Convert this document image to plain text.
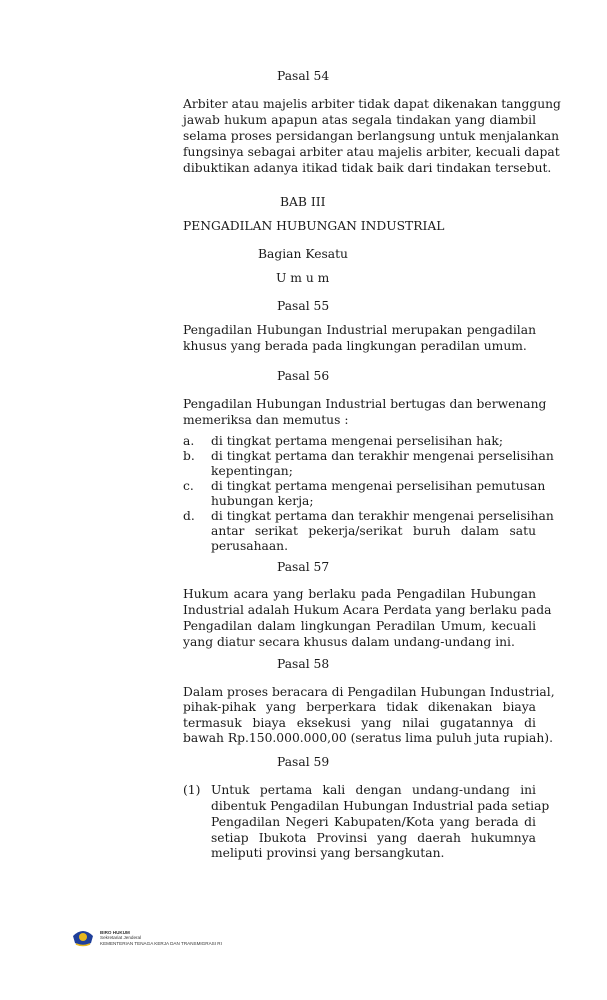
Pasal 54
Arbiter atau majelis arbiter tidak dapat dikenakan tanggung
jawab hukum apapun atas segala tindakan yang diambil
selama proses persidangan berlangsung untuk menjalankan
fungsinya sebagai arbiter atau majelis arbiter, kecuali dapat
dibuktikan adanya itikad tidak baik dari tindakan tersebut.
BAB III
PENGADILAN HUBUNGAN INDUSTRIAL
Bagian Kesatu
U m u m
Pasal 55
Pengadilan Hubungan Industrial merupakan pengadilan
khusus yang berada pada lingkungan peradilan umum.
Pasal 56
Pengadilan Hubungan Industrial bertugas dan berwenang
memeriksa dan memutus :
a. di tingkat pertama mengenai perselisihan hak;
b. di tingkat pertama dan terakhir mengenai perselisihan
kepentingan;
c. di tingkat pertama mengenai perselisihan pemutusan
hubungan kerja;
d. di tingkat pertama dan terakhir mengenai perselisihan
antar serikat pekerja/serikat buruh dalam satu
perusahaan.
Pasal 57
Hukum acara yang berlaku pada Pengadilan Hubungan
Industrial adalah Hukum Acara Perdata yang berlaku pada
Pengadilan dalam lingkungan Peradilan Umum, kecuali
yang diatur secara khusus dalam undang-undang ini.
Pasal 58
Dalam proses beracara di Pengadilan Hubungan Industrial,
pihak-pihak yang berperkara tidak dikenakan biaya
termasuk biaya eksekusi yang nilai gugatannya di
bawah Rp.150.000.000,00 (seratus lima puluh juta rupiah).
Pasal 59
(1) Untuk pertama kali dengan undang-undang ini
dibentuk Pengadilan Hubungan Industrial pada setiap
Pengadilan Negeri Kabupaten/Kota yang berada di
setiap Ibukota Provinsi yang daerah hukumnya
meliputi provinsi yang bersangkutan.
BIRO HUKUM
Sekretariat Jenderal
KEMENTERIAN TENAGA KERJA DAN TRANSMIGRASI RI
